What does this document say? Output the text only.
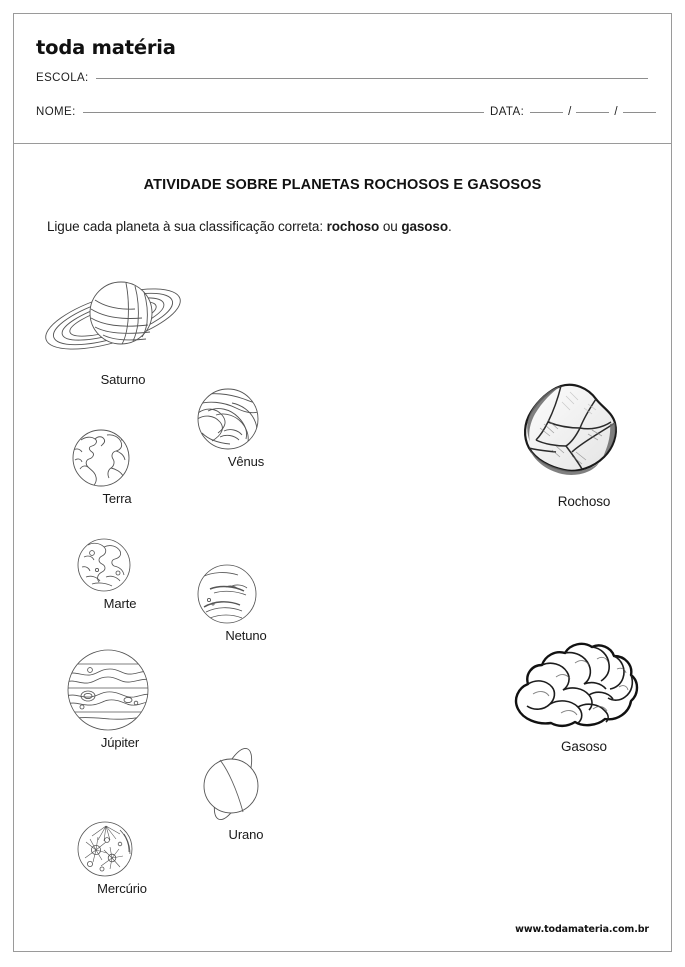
toda matéria
ESCOLA:
NOME:	DATA:	/	/
ATIVIDADE SOBRE PLANETAS ROCHOSOS E GASOSOS
Ligue cada planeta à sua classificação correta: rochoso ou gasoso.
Saturno
Vênus
Terra
Marte
Netuno
Júpiter
Urano
Mercúrio
Rochoso
Gasoso
www.todamateria.com.br
